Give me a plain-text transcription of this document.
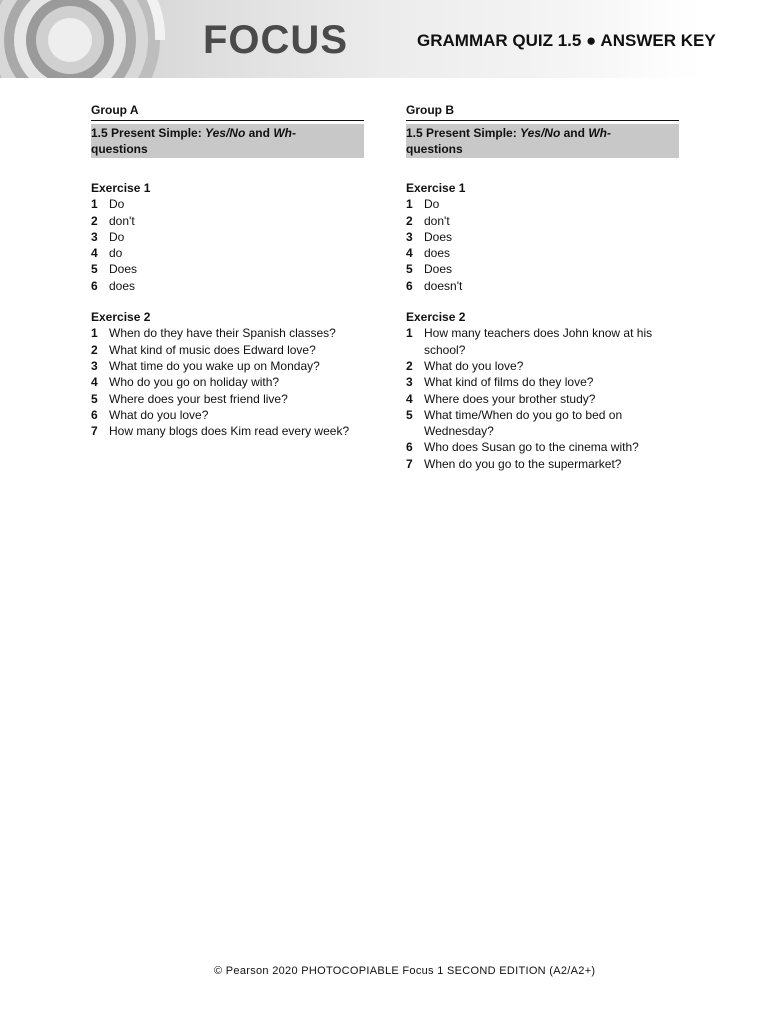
FOCUS	GRAMMAR QUIZ 1.5 ● ANSWER KEY
Group A
1.5 Present Simple: Yes/No and Wh-
questions
Exercise 1
1 Do
2 don't
3 Do
4 do
5 Does
6 does
Exercise 2
1 When do they have their Spanish classes?
2 What kind of music does Edward love?
3 What time do you wake up on Monday?
4 Who do you go on holiday with?
5 Where does your best friend live?
6 What do you love?
7 How many blogs does Kim read every week?
Group B
1.5 Present Simple: Yes/No and Wh-
questions
Exercise 1
1 Do
2 don't
3 Does
4 does
5 Does
6 doesn't
Exercise 2
1 How many teachers does John know at his school?
2 What do you love?
3 What kind of films do they love?
4 Where does your brother study?
5 What time/When do you go to bed on Wednesday?
6 Who does Susan go to the cinema with?
7 When do you go to the supermarket?
© Pearson 2020 PHOTOCOPIABLE Focus 1 SECOND EDITION (A2/A2+)
